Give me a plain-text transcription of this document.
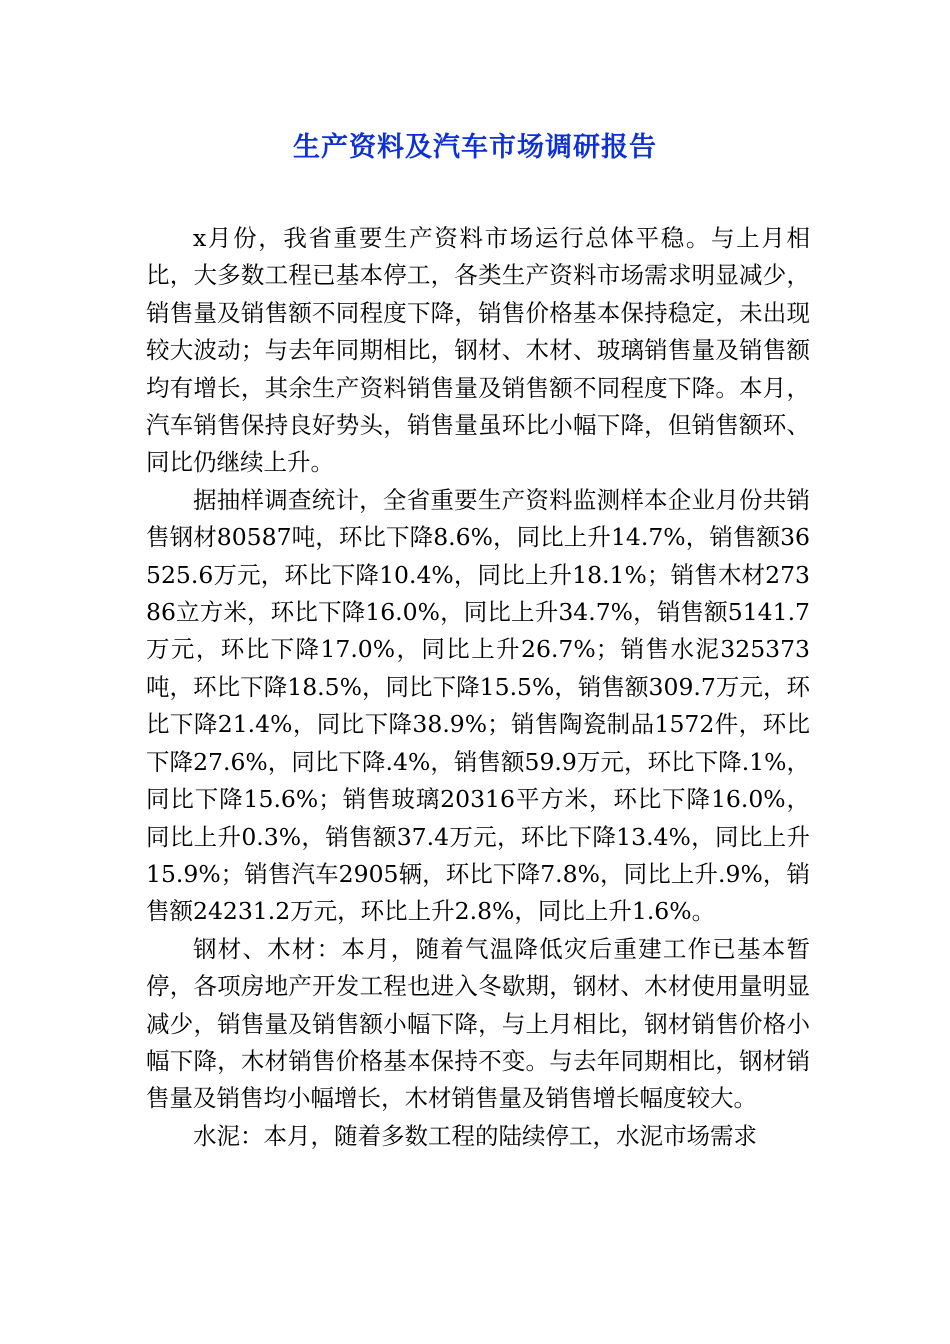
生产资料及汽车市场调研报告

x月份，我省重要生产资料市场运行总体平稳。与上月相比，大多数工程已基本停工，各类生产资料市场需求明显减少，销售量及销售额不同程度下降，销售价格基本保持稳定，未出现较大波动；与去年同期相比，钢材、木材、玻璃销售量及销售额均有增长，其余生产资料销售量及销售额不同程度下降。本月，汽车销售保持良好势头，销售量虽环比小幅下降，但销售额环、同比仍继续上升。

据抽样调查统计，全省重要生产资料监测样本企业月份共销售钢材80587吨，环比下降8.6%，同比上升14.7%，销售额36525.6万元，环比下降10.4%，同比上升18.1%；销售木材27386立方米，环比下降16.0%，同比上升34.7%，销售额5141.7万元，环比下降17.0%，同比上升26.7%；销售水泥325373吨，环比下降18.5%，同比下降15.5%，销售额309.7万元，环比下降21.4%，同比下降38.9%；销售陶瓷制品1572件，环比下降27.6%，同比下降.4%，销售额59.9万元，环比下降.1%，同比下降15.6%；销售玻璃20316平方米，环比下降16.0%，同比上升0.3%，销售额37.4万元，环比下降13.4%，同比上升15.9%；销售汽车2905辆，环比下降7.8%，同比上升.9%，销售额24231.2万元，环比上升2.8%，同比上升1.6%。

钢材、木材：本月，随着气温降低灾后重建工作已基本暂停，各项房地产开发工程也进入冬歇期，钢材、木材使用量明显减少，销售量及销售额小幅下降，与上月相比，钢材销售价格小幅下降，木材销售价格基本保持不变。与去年同期相比，钢材销售量及销售均小幅增长，木材销售量及销售增长幅度较大。

水泥：本月，随着多数工程的陆续停工，水泥市场需求
